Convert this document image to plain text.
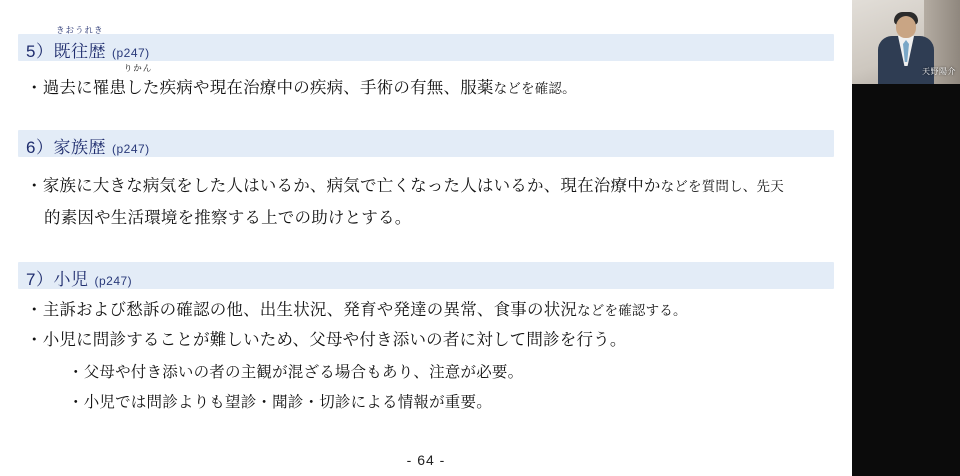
5）
きおうれき
既往歴 (p247)
・過去に罹患した疾病や現在治療中の疾病、手術の有無、服薬
りかん
などを確認。
6）家族歴 (p247)
・家族に大きな病気をした人はいるか、病気で亡くなった人はいるか、現在治療中かなどを質問し、先天
的素因や生活環境を推察する上での助けとする。
7）小児 (p247)
・主訴および愁訴の確認の他、出生状況、発育や発達の異常、食事の状況などを確認する。
・小児に問診することが難しいため、父母や付き添いの者に対して問診を行う。
・父母や付き添いの者の主観が混ざる場合もあり、注意が必要。
・小児では問診よりも望診・聞診・切診による情報が重要。
- 64 -
天野陽介
